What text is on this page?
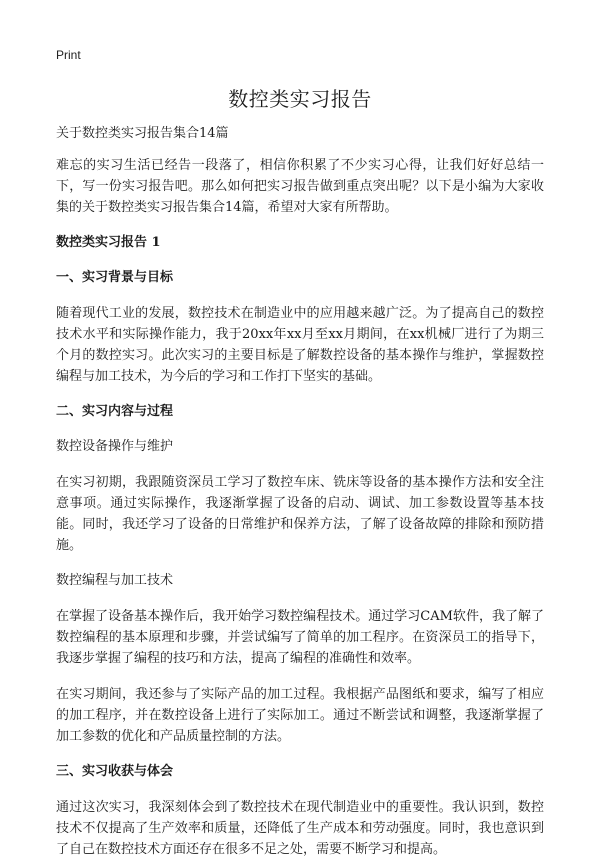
Print

数控类实习报告

关于数控类实习报告集合14篇

难忘的实习生活已经告一段落了，相信你积累了不少实习心得，让我们好好总结一下，写一份实习报告吧。那么如何把实习报告做到重点突出呢？以下是小编为大家收集的关于数控类实习报告集合14篇，希望对大家有所帮助。

数控类实习报告 1

一、实习背景与目标

随着现代工业的发展，数控技术在制造业中的应用越来越广泛。为了提高自己的数控技术水平和实际操作能力，我于20xx年xx月至xx月期间，在xx机械厂进行了为期三个月的数控实习。此次实习的主要目标是了解数控设备的基本操作与维护，掌握数控编程与加工技术，为今后的学习和工作打下坚实的基础。

二、实习内容与过程

数控设备操作与维护

在实习初期，我跟随资深员工学习了数控车床、铣床等设备的基本操作方法和安全注意事项。通过实际操作，我逐渐掌握了设备的启动、调试、加工参数设置等基本技能。同时，我还学习了设备的日常维护和保养方法，了解了设备故障的排除和预防措施。

数控编程与加工技术

在掌握了设备基本操作后，我开始学习数控编程技术。通过学习CAM软件，我了解了数控编程的基本原理和步骤，并尝试编写了简单的加工程序。在资深员工的指导下，我逐步掌握了编程的技巧和方法，提高了编程的准确性和效率。

在实习期间，我还参与了实际产品的加工过程。我根据产品图纸和要求，编写了相应的加工程序，并在数控设备上进行了实际加工。通过不断尝试和调整，我逐渐掌握了加工参数的优化和产品质量控制的方法。

三、实习收获与体会

通过这次实习，我深刻体会到了数控技术在现代制造业中的重要性。我认识到，数控技术不仅提高了生产效率和质量，还降低了生产成本和劳动强度。同时，我也意识到了自己在数控技术方面还存在很多不足之处，需要不断学习和提高。
